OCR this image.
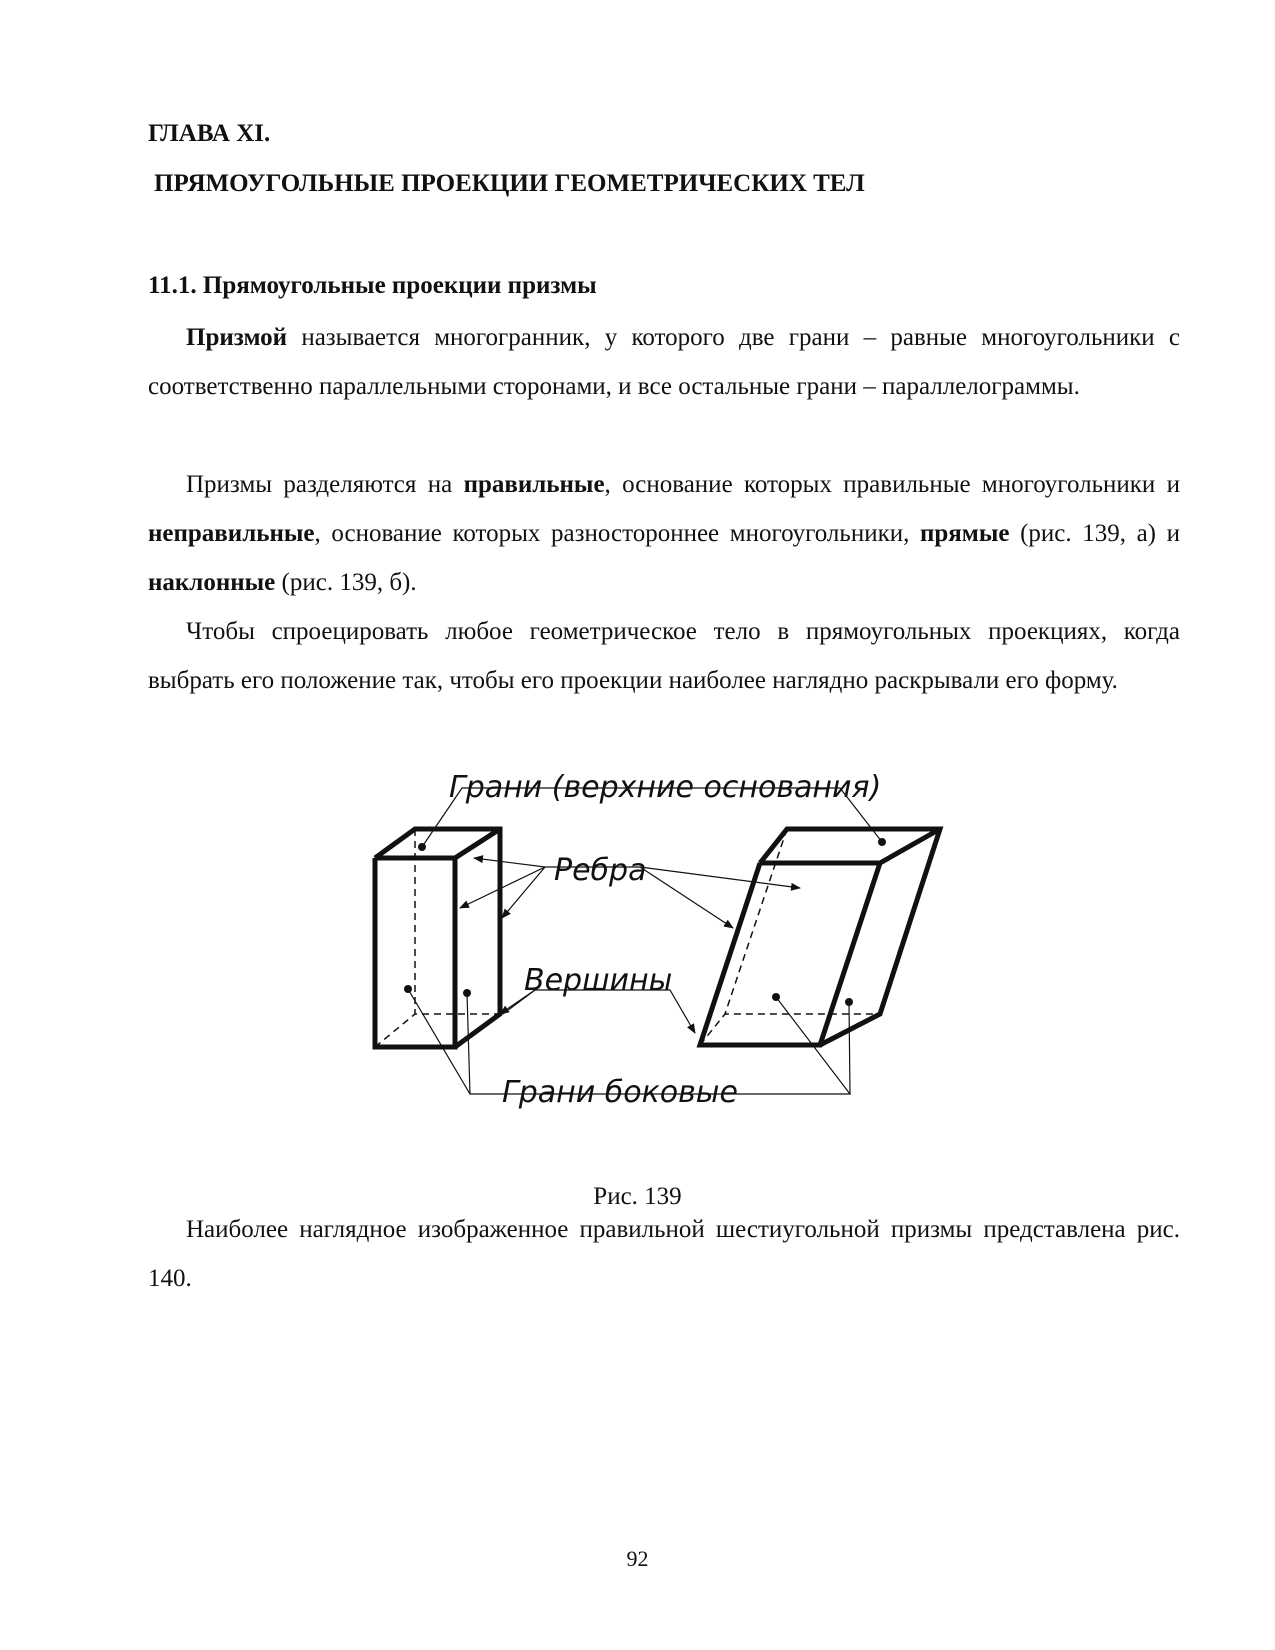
ГЛАВА XI.
ПРЯМОУГОЛЬНЫЕ ПРОЕКЦИИ ГЕОМЕТРИЧЕСКИХ ТЕЛ
11.1. Прямоугольные проекции призмы

Призмой называется многогранник, у которого две грани – равные многоугольники с соответственно параллельными сторонами, и все остальные грани – параллелограммы.

Призмы разделяются на правильные, основание которых правильные многоугольники и неправильные, основание которых разностороннее многоугольники, прямые (рис. 139, а) и наклонные (рис. 139, б).

Чтобы спроецировать любое геометрическое тело в прямоугольных проекциях, когда выбрать его положение так, чтобы его проекции наиболее наглядно раскрывали его форму.

Грани (верхние основания)
Ребра
Вершины
Грани боковые
Рис. 139

Наиболее наглядное изображенное правильной шестиугольной призмы представлена рис. 140.

92
